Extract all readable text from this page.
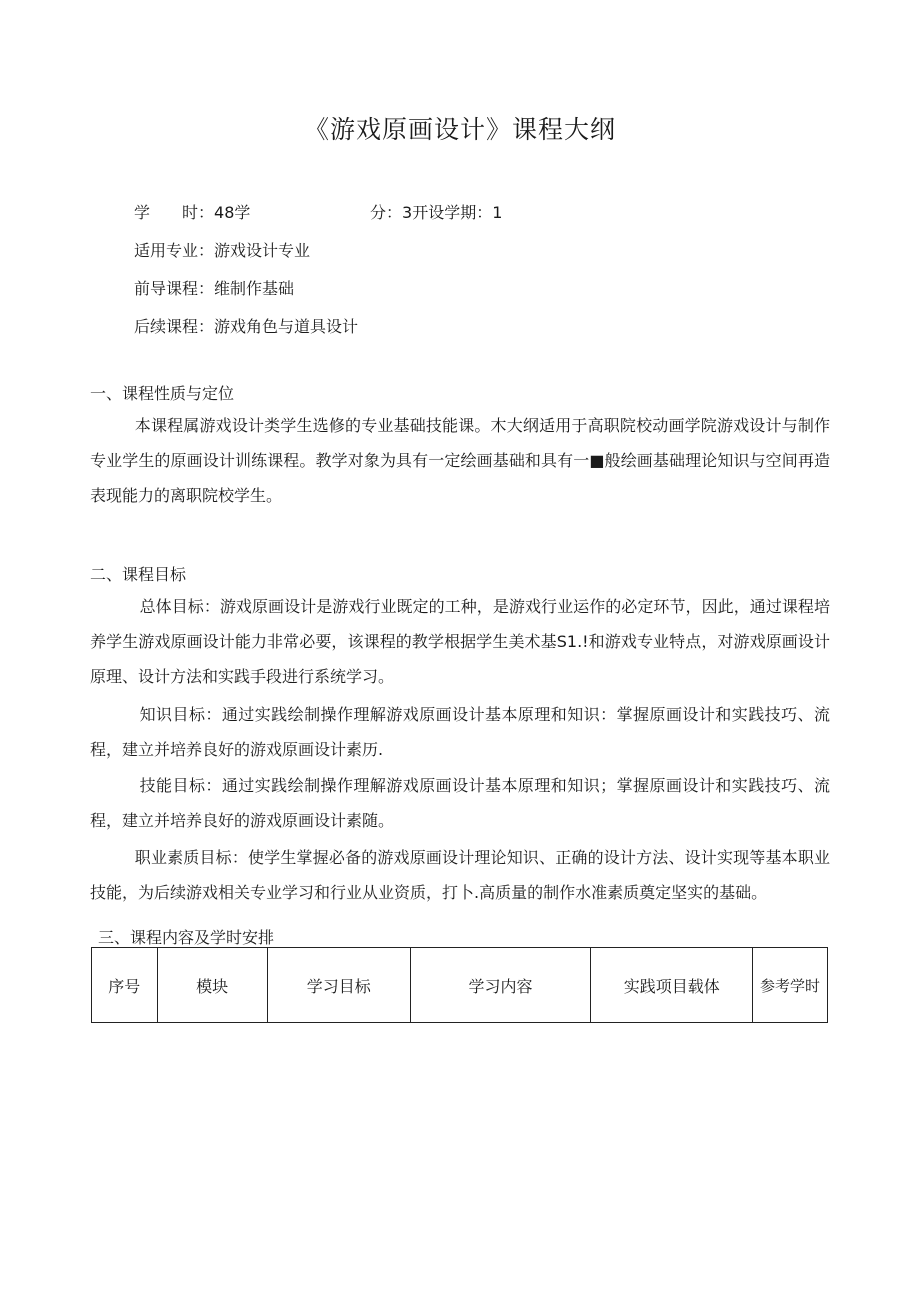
《游戏原画设计》课程大纲
学　　时：48学	分：3开设学期：1
适用专业：游戏设计专业
前导课程：维制作基础
后续课程：游戏角色与道具设计
一、课程性质与定位

本课程属游戏设计类学生选修的专业基础技能课。木大纲适用于高职院校动画学院游戏设计与制作专业学生的原画设计训练课程。教学对象为具有一定绘画基础和具有一■般绘画基础理论知识与空间再造表现能力的离职院校学生。

二、课程目标

总体目标：游戏原画设计是游戏行业既定的工种，是游戏行业运作的必定环节，因此，通过课程培养学生游戏原画设计能力非常必要，该课程的教学根据学生美术基S1.!和游戏专业特点，对游戏原画设计原理、设计方法和实践手段进行系统学习。

知识目标：通过实践绘制操作理解游戏原画设计基本原理和知识：掌握原画设计和实践技巧、流程，建立并培养良好的游戏原画设计素历.

技能目标：通过实践绘制操作理解游戏原画设计基本原理和知识；掌握原画设计和实践技巧、流程，建立并培养良好的游戏原画设计素随。

职业素质目标：使学生掌握必备的游戏原画设计理论知识、正确的设计方法、设计实现等基本职业技能，为后续游戏相关专业学习和行业从业资质，打卜.高质量的制作水准素质奠定坚实的基础。

三、课程内容及学时安排
序号	模块	学习目标	学习内容	实践项目载体	参考学时
